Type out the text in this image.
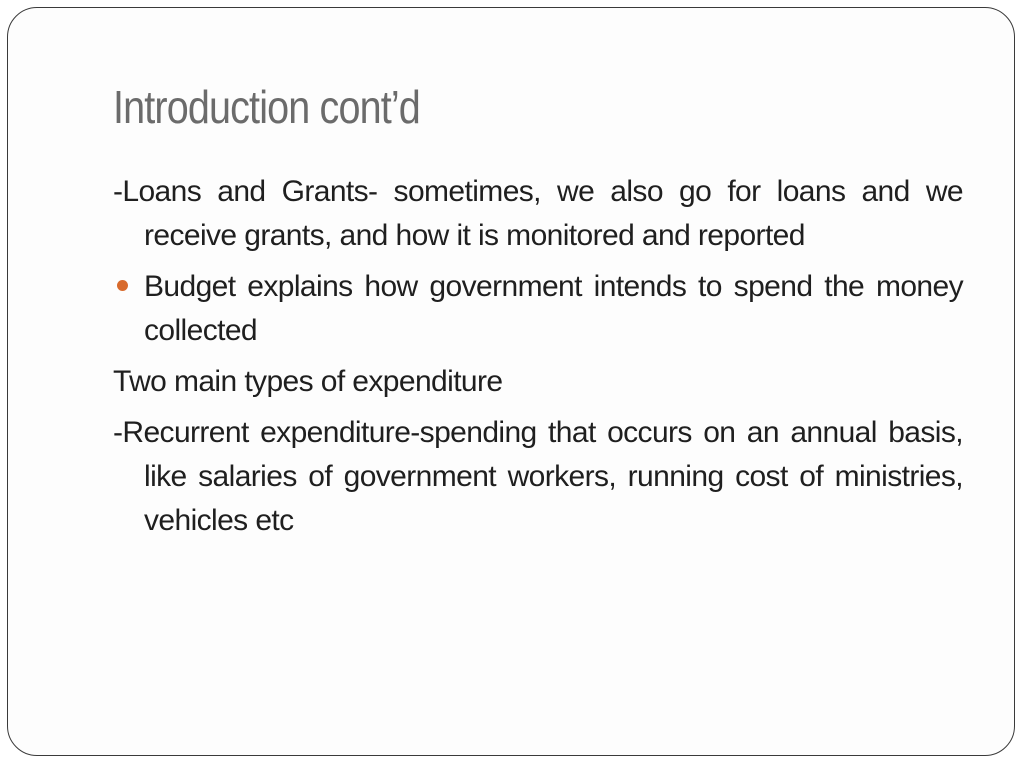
Introduction cont’d

-Loans and Grants- sometimes, we also go for loans and we receive grants, and how it is monitored and reported

Budget explains how government intends to spend the money collected

Two main types of expenditure

-Recurrent expenditure-spending that occurs on an annual basis, like salaries of government workers, running cost of ministries, vehicles etc
